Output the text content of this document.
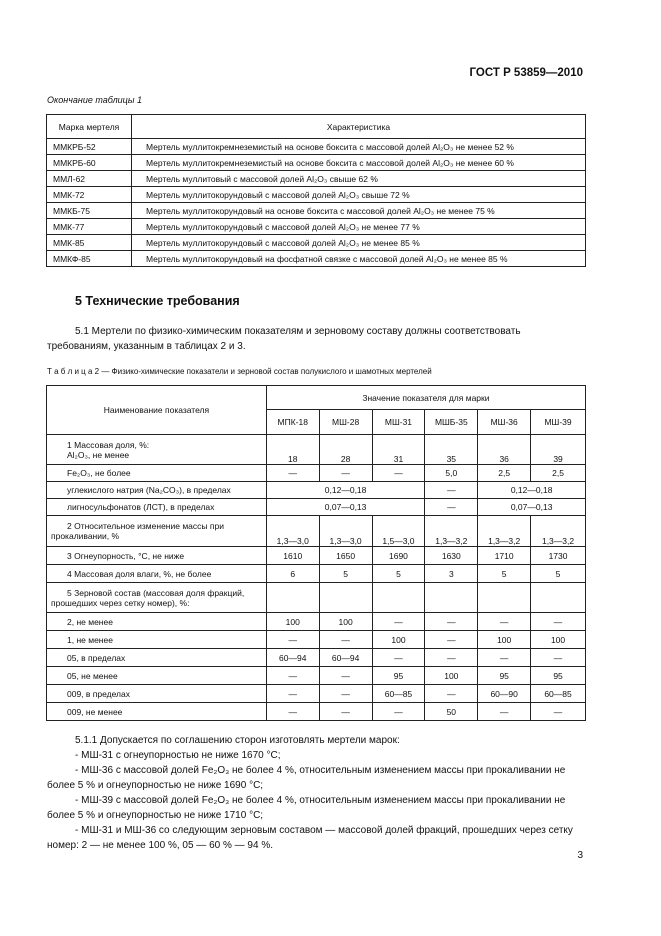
ГОСТ Р 53859—2010
Окончание таблицы 1
Марка мертеля	Характеристика
ММКРБ-52	Мертель муллитокремнеземистый на основе боксита с массовой долей Al₂O₃ не менее 52 %
ММКРБ-60	Мертель муллитокремнеземистый на основе боксита с массовой долей Al₂O₃ не менее 60 %
ММЛ-62	Мертель муллитовый с массовой долей Al₂O₃ свыше 62 %
ММК-72	Мертель муллитокорундовый с массовой долей Al₂O₃ свыше 72 %
ММКБ-75	Мертель муллитокорундовый на основе боксита с массовой долей Al₂O₃ не менее 75 %
ММК-77	Мертель муллитокорундовый с массовой долей Al₂O₃ не менее 77 %
ММК-85	Мертель муллитокорундовый с массовой долей Al₂O₃ не менее 85 %
ММКФ-85	Мертель муллитокорундовый на фосфатной связке с массовой долей Al₂O₃ не менее 85 %
5 Технические требования
5.1 Мертели по физико-химическим показателям и зерновому составу должны соответствовать требованиям, указанным в таблицах 2 и 3.
Т а б л и ц а 2 — Физико-химические показатели и зерновой состав полукислого и шамотных мертелей
Наименование показателя	Значение показателя для марки					
	МПК-18	МШ-28	МШ-31	МШБ-35	МШ-36	МШ-39

1 Массовая доля, %:
Al₂O₃, не менее	18	28	31	35	36	39
Fe₂O₃, не более	—	—	—	5,0	2,5	2,5
углекислого натрия (Na₂CO₃), в пределах	0,12—0,18			—	0,12—0,18	
лигносульфонатов (ЛСТ), в пределах	0,07—0,13			—	0,07—0,13	
2 Относительное изменение массы при прокаливании, %	1,3—3,0	1,3—3,0	1,5—3,0	1,3—3,2	1,3—3,2	1,3—3,2
3 Огнеупорность, °С, не ниже	1610	1650	1690	1630	1710	1730
4 Массовая доля влаги, %, не более	6	5	5	3	5	5
5 Зерновой состав (массовая доля фракций, прошедших через сетку номер), %:						
2, не менее	100	100	—	—	—	—
1, не менее	—	—	100	—	100	100
05, в пределах	60—94	60—94	—	—	—	—
05, не менее	—	—	95	100	95	95
009, в пределах	—	—	60—85	—	60—90	60—85
009, не менее	—	—	—	50	—	—
5.1.1 Допускается по соглашению сторон изготовлять мертели марок:
- МШ-31 с огнеупорностью не ниже 1670 °С;
- МШ-36 с массовой долей Fe₂O₃ не более 4 %, относительным изменением массы при прокаливании не более 5 % и огнеупорностью не ниже 1690 °С;
- МШ-39 с массовой долей Fe₂O₃ не более 4 %, относительным изменением массы при прокаливании не более 5 % и огнеупорностью не ниже 1710 °С;
- МШ-31 и МШ-36 со следующим зерновым составом — массовой долей фракций, прошедших через сетку номер: 2 — не менее 100 %, 05 — 60 % — 94 %.
3
